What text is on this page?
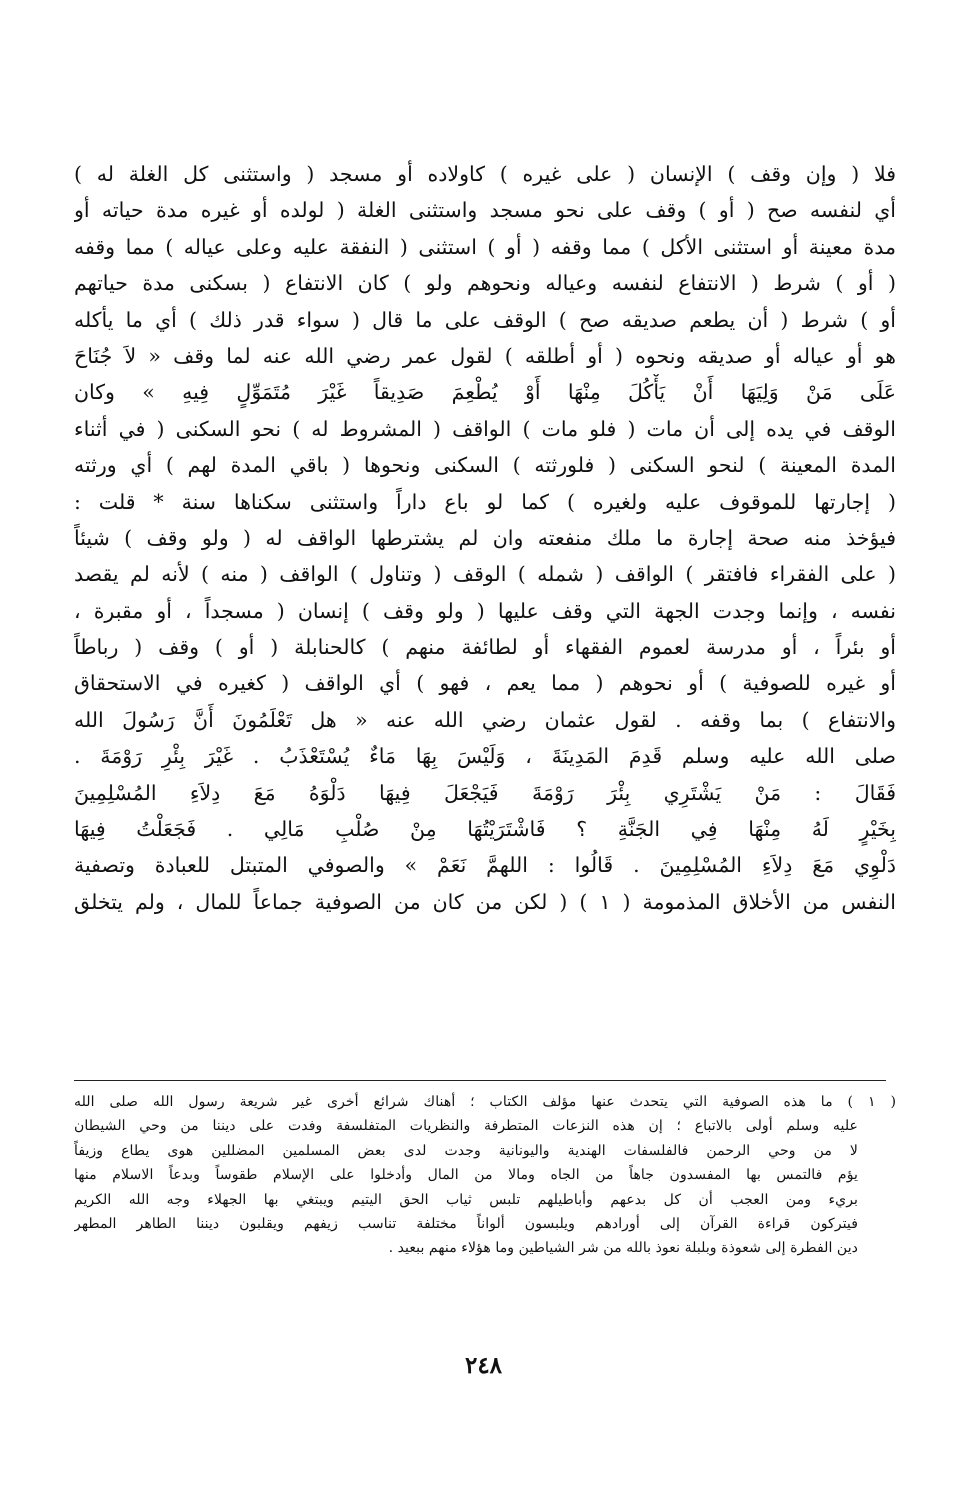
فلا ( وإن وقف ) الإنسان ( على غيره ) كاولاده أو مسجد ( واستثنى كل الغلة له )
أي لنفسه صح ( أو ) وقف على نحو مسجد واستثنى الغلة ( لولده أو غيره مدة حياته أو
مدة معينة أو استثنى الأكل ) مما وقفه ( أو ) استثنى ( النفقة عليه وعلى عياله ) مما وقفه
( أو ) شرط ( الانتفاع لنفسه وعياله ونحوهم ولو ) كان الانتفاع ( بسكنى مدة حياتهم
أو ) شرط ( أن يطعم صديقه صح ) الوقف على ما قال ( سواء قدر ذلك ) أي ما يأكله
هو أو عياله أو صديقه ونحوه ( أو أطلقه ) لقول عمر رضي الله عنه لما وقف « لاَ جُنَاحَ
عَلَى مَنْ وَلِيَهَا أَنْ يَأْكُلَ مِنْهَا أَوْ يُطْعِمَ صَدِيقاً غَيْرَ مُتَمَوِّلٍ فِيهِ » وكان
الوقف في يده إلى أن مات ( فلو مات ) الواقف ( المشروط له ) نحو السكنى ( في أثناء
المدة المعينة ) لنحو السكنى ( فلورثته ) السكنى ونحوها ( باقي المدة لهم ) أي ورثته
( إجارتها للموقوف عليه ولغيره ) كما لو باع داراً واستثنى سكناها سنة * قلت :
فيؤخذ منه صحة إجارة ما ملك منفعته وان لم يشترطها الواقف له ( ولو وقف ) شيئاً
( على الفقراء فافتقر ) الواقف ( شمله ) الوقف ( وتناول ) الواقف ( منه ) لأنه لم يقصد
نفسه ، وإنما وجدت الجهة التي وقف عليها ( ولو وقف ) إنسان ( مسجداً ، أو مقبرة ،
أو بئراً ، أو مدرسة لعموم الفقهاء أو لطائفة منهم ) كالحنابلة ( أو ) وقف ( رباطاً
أو غيره للصوفية ) أو نحوهم ( مما يعم ، فهو ) أي الواقف ( كغيره في الاستحقاق
والانتفاع ) بما وقفه . لقول عثمان رضي الله عنه « هل تَعْلَمُونَ أَنَّ رَسُولَ الله
صلى الله عليه وسلم قَدِمَ المَدِينَةَ ، وَلَيْسَ بِهَا مَاءٌ يُسْتَعْذَبُ . غَيْرَ بِئْرِ رَوْمَةَ .
فَقَالَ : مَنْ يَشْتَرِي بِئْرَ رَوْمَةَ فَيَجْعَلَ فِيهَا دَلْوَهُ مَعَ دِلاَءِ المُسْلِمِينَ
بِخَيْرٍ لَهُ مِنْهَا فِي الجَنَّةِ ؟ فَاشْتَرَيْتُهَا مِنْ صُلْبِ مَالِي . فَجَعَلْتُ فِيهَا
دَلْوِي مَعَ دِلاَءِ المُسْلِمِينَ . قَالُوا : اللهمَّ نَعَمْ » والصوفي المتبتل للعبادة وتصفية
النفس من الأخلاق المذمومة ( ١ ) ( لكن من كان من الصوفية جماعاً للمال ، ولم يتخلق
( ١ ) ما هذه الصوفية التي يتحدث عنها مؤلف الكتاب ؛ أهناك شرائع أخرى غير شريعة رسول الله صلى الله
عليه وسلم أولى بالاتباع ؛ إن هذه النزعات المتطرفة والنظريات المتفلسفة وفدت على ديننا من وحي الشيطان
لا من وحي الرحمن فالفلسفات الهندية واليونانية وجدت لدى بعض المسلمين المضللين هوى يطاع وزيفاً
يؤم فالتمس بها المفسدون جاهاً من الجاه ومالا من المال وأدخلوا على الإسلام طقوساً وبدعاً الاسلام منها
بريء ومن العجب أن كل بدعهم وأباطيلهم تلبس ثياب الحق اليتيم ويبتغي بها الجهلاء وجه الله الكريم
فيتركون قراءة القرآن إلى أورادهم ويلبسون ألواناً مختلفة تناسب زيفهم ويقلبون ديننا الطاهر المطهر
دين الفطرة إلى شعوذة وبلبلة نعوذ بالله من شر الشياطين وما هؤلاء منهم ببعيد .
٢٤٨
